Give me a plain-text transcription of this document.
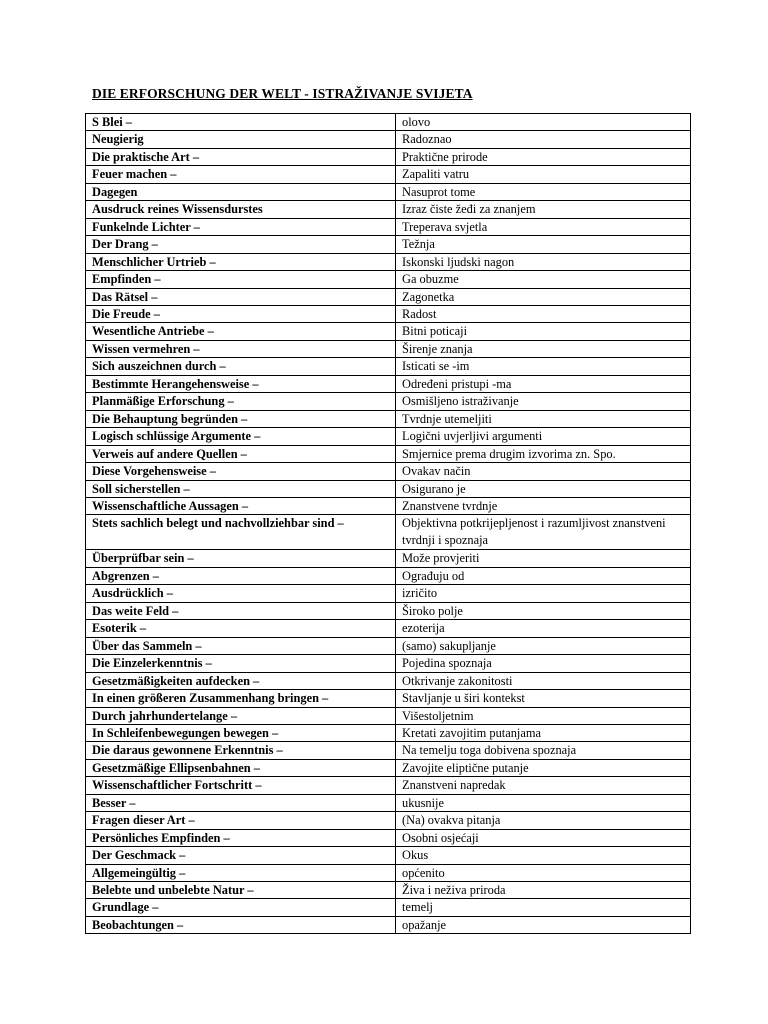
DIE ERFORSCHUNG DER WELT - ISTRAŽIVANJE SVIJETA
S Blei –	olovo
Neugierig	Radoznao
Die praktische Art –	Praktične prirode
Feuer machen –	Zapaliti vatru
Dagegen	Nasuprot tome
Ausdruck reines Wissensdurstes	Izraz čiste žeđi za znanjem
Funkelnde Lichter –	Treperava svjetla
Der Drang –	Težnja
Menschlicher Urtrieb –	Iskonski ljudski nagon
Empfinden –	Ga obuzme
Das Rätsel –	Zagonetka
Die Freude –	Radost
Wesentliche Antriebe –	Bitni poticaji
Wissen vermehren –	Širenje znanja
Sich auszeichnen durch –	Isticati se -im
Bestimmte Herangehensweise –	Određeni pristupi -ma
Planmäßige Erforschung –	Osmišljeno istraživanje
Die Behauptung begründen –	Tvrdnje utemeljiti
Logisch schlüssige Argumente –	Logični uvjerljivi argumenti
Verweis auf andere Quellen –	Smjernice prema drugim izvorima zn. Spo.
Diese Vorgehensweise –	Ovakav način
Soll sicherstellen –	Osigurano je
Wissenschaftliche Aussagen –	Znanstvene tvrdnje
Stets sachlich belegt und nachvollziehbar sind –	Objektivna potkrijepljenost i razumljivost znanstveni tvrdnji i spoznaja
Überprüfbar sein –	Može provjeriti
Abgrenzen –	Ograđuju od
Ausdrücklich –	izričito
Das weite Feld –	Široko polje
Esoterik –	ezoterija
Über das Sammeln –	(samo) sakupljanje
Die Einzelerkenntnis –	Pojedina spoznaja
Gesetzmäßigkeiten aufdecken –	Otkrivanje zakonitosti
In einen größeren Zusammenhang bringen –	Stavljanje u širi kontekst
Durch jahrhundertelange –	Višestoljetnim
In Schleifenbewegungen bewegen –	Kretati zavojitim putanjama
Die daraus gewonnene Erkenntnis –	Na temelju toga dobivena spoznaja
Gesetzmäßige Ellipsenbahnen –	Zavojite eliptične putanje
Wissenschaftlicher Fortschritt –	Znanstveni napredak
Besser –	ukusnije
Fragen dieser Art –	(Na) ovakva pitanja
Persönliches Empfinden –	Osobni osjećaji
Der Geschmack –	Okus
Allgemeingültig –	općenito
Belebte und unbelebte Natur –	Živa i neživa priroda
Grundlage –	temelj
Beobachtungen –	opažanje
